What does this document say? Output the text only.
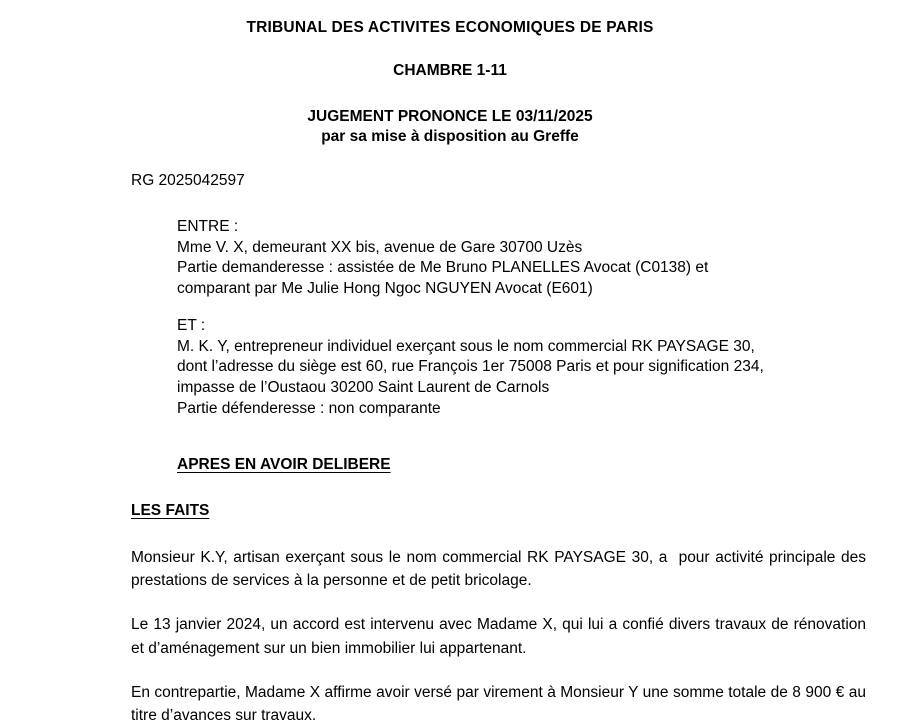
TRIBUNAL DES ACTIVITES ECONOMIQUES DE PARIS
CHAMBRE 1-11
JUGEMENT PRONONCE LE 03/11/2025
par sa mise à disposition au Greffe
RG 2025042597

ENTRE :

Mme V. X, demeurant XX bis, avenue de Gare 30700 Uzès

Partie demanderesse : assistée de Me Bruno PLANELLES Avocat (C0138) et

comparant par Me Julie Hong Ngoc NGUYEN Avocat (E601)

ET :

M. K. Y, entrepreneur individuel exerçant sous le nom commercial RK PAYSAGE 30,

dont l’adresse du siège est 60, rue François 1er 75008 Paris et pour signification 234,

impasse de l’Oustaou 30200 Saint Laurent de Carnols

Partie défenderesse : non comparante

APRES EN AVOIR DELIBERE
LES FAITS

Monsieur K.Y, artisan exerçant sous le nom commercial RK PAYSAGE 30, a  pour activité principale des prestations de services à la personne et de petit bricolage.

Le 13 janvier 2024, un accord est intervenu avec Madame X, qui lui a confié divers travaux de rénovation et d’aménagement sur un bien immobilier lui appartenant.

En contrepartie, Madame X affirme avoir versé par virement à Monsieur Y une somme totale de 8 900 € au titre d’avances sur travaux.
